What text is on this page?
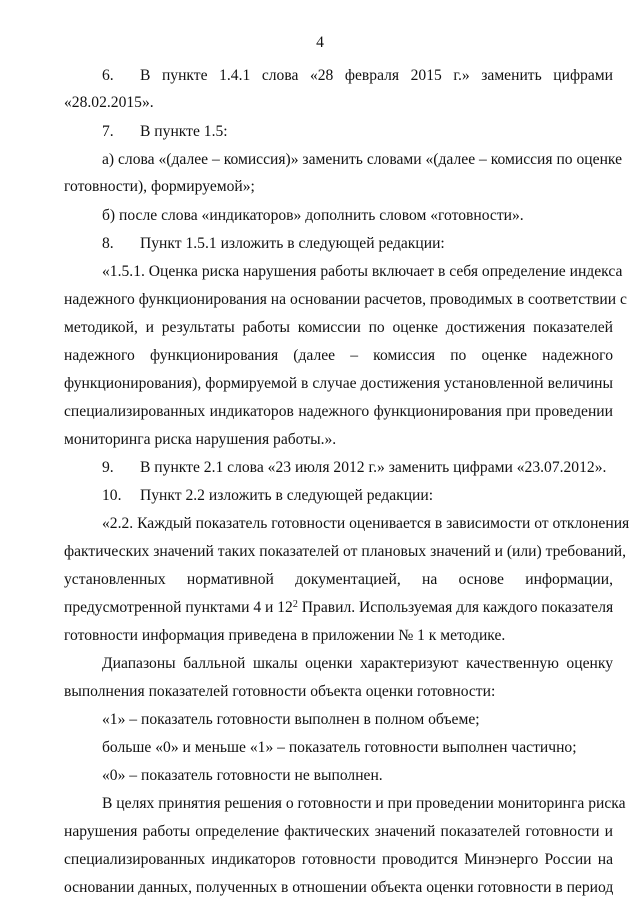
4
6. В пункте 1.4.1 слова «28 февраля 2015 г.» заменить цифрами
«28.02.2015».
7. В пункте 1.5:
а) слова «(далее – комиссия)» заменить словами «(далее – комиссия по оценке
готовности), формируемой»;
б) после слова «индикаторов» дополнить словом «готовности».
8. Пункт 1.5.1 изложить в следующей редакции:
«1.5.1. Оценка риска нарушения работы включает в себя определение индекса
надежного функционирования на основании расчетов, проводимых в соответствии с
методикой, и результаты работы комиссии по оценке достижения показателей
надежного функционирования (далее – комиссия по оценке надежного
функционирования), формируемой в случае достижения установленной величины
специализированных индикаторов надежного функционирования при проведении
мониторинга риска нарушения работы.».
9. В пункте 2.1 слова «23 июля 2012 г.» заменить цифрами «23.07.2012».
10. Пункт 2.2 изложить в следующей редакции:
«2.2. Каждый показатель готовности оценивается в зависимости от отклонения
фактических значений таких показателей от плановых значений и (или) требований,
установленных нормативной документацией, на основе информации,
предусмотренной пунктами 4 и $12^2$ Правил. Используемая для каждого показателя
готовности информация приведена в приложении № 1 к методике.
Диапазоны балльной шкалы оценки характеризуют качественную оценку
выполнения показателей готовности объекта оценки готовности:
«1» – показатель готовности выполнен в полном объеме;
больше «0» и меньше «1» – показатель готовности выполнен частично;
«0» – показатель готовности не выполнен.
В целях принятия решения о готовности и при проведении мониторинга риска
нарушения работы определение фактических значений показателей готовности и
специализированных индикаторов готовности проводится Минэнерго России на
основании данных, полученных в отношении объекта оценки готовности в период
